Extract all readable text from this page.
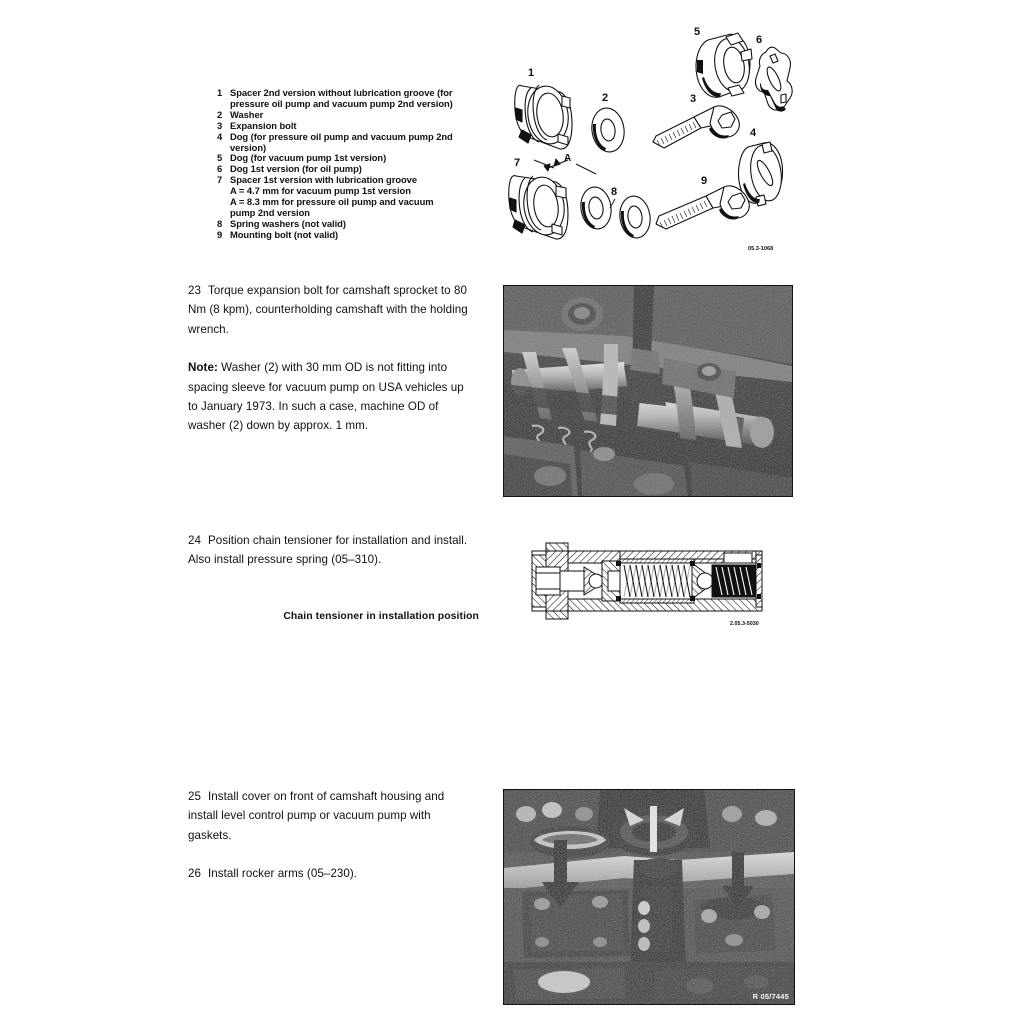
1 Spacer 2nd version without lubrication groove (for
pressure oil pump and vacuum pump 2nd version)
2 Washer
3 Expansion bolt
4 Dog (for pressure oil pump and vacuum pump 2nd
version)
5 Dog (for vacuum pump 1st version)
6 Dog 1st version (for oil pump)
7 Spacer 1st version with lubrication groove
A = 4.7 mm for vacuum pump 1st version
A = 8.3 mm for pressure oil pump and vacuum
pump 2nd version
8 Spring washers (not valid)
9 Mounting bolt (not valid)
1
2	3
5
6
4
7	A
8
9
05.3-1068

23 Torque expansion bolt for camshaft sprocket to 80 Nm (8 kpm), counterholding camshaft with the holding wrench.

Note: Washer (2) with 30 mm OD is not fitting into spacing sleeve for vacuum pump on USA vehicles up to January 1973. In such a case, machine OD of washer (2) down by approx. 1 mm.

24 Position chain tensioner for installation and install. Also install pressure spring (05–310).

Chain tensioner in installation position
2.05.3-5030

25 Install cover on front of camshaft housing and install level control pump or vacuum pump with gaskets.

26 Install rocker arms (05–230).

R 05/7445
